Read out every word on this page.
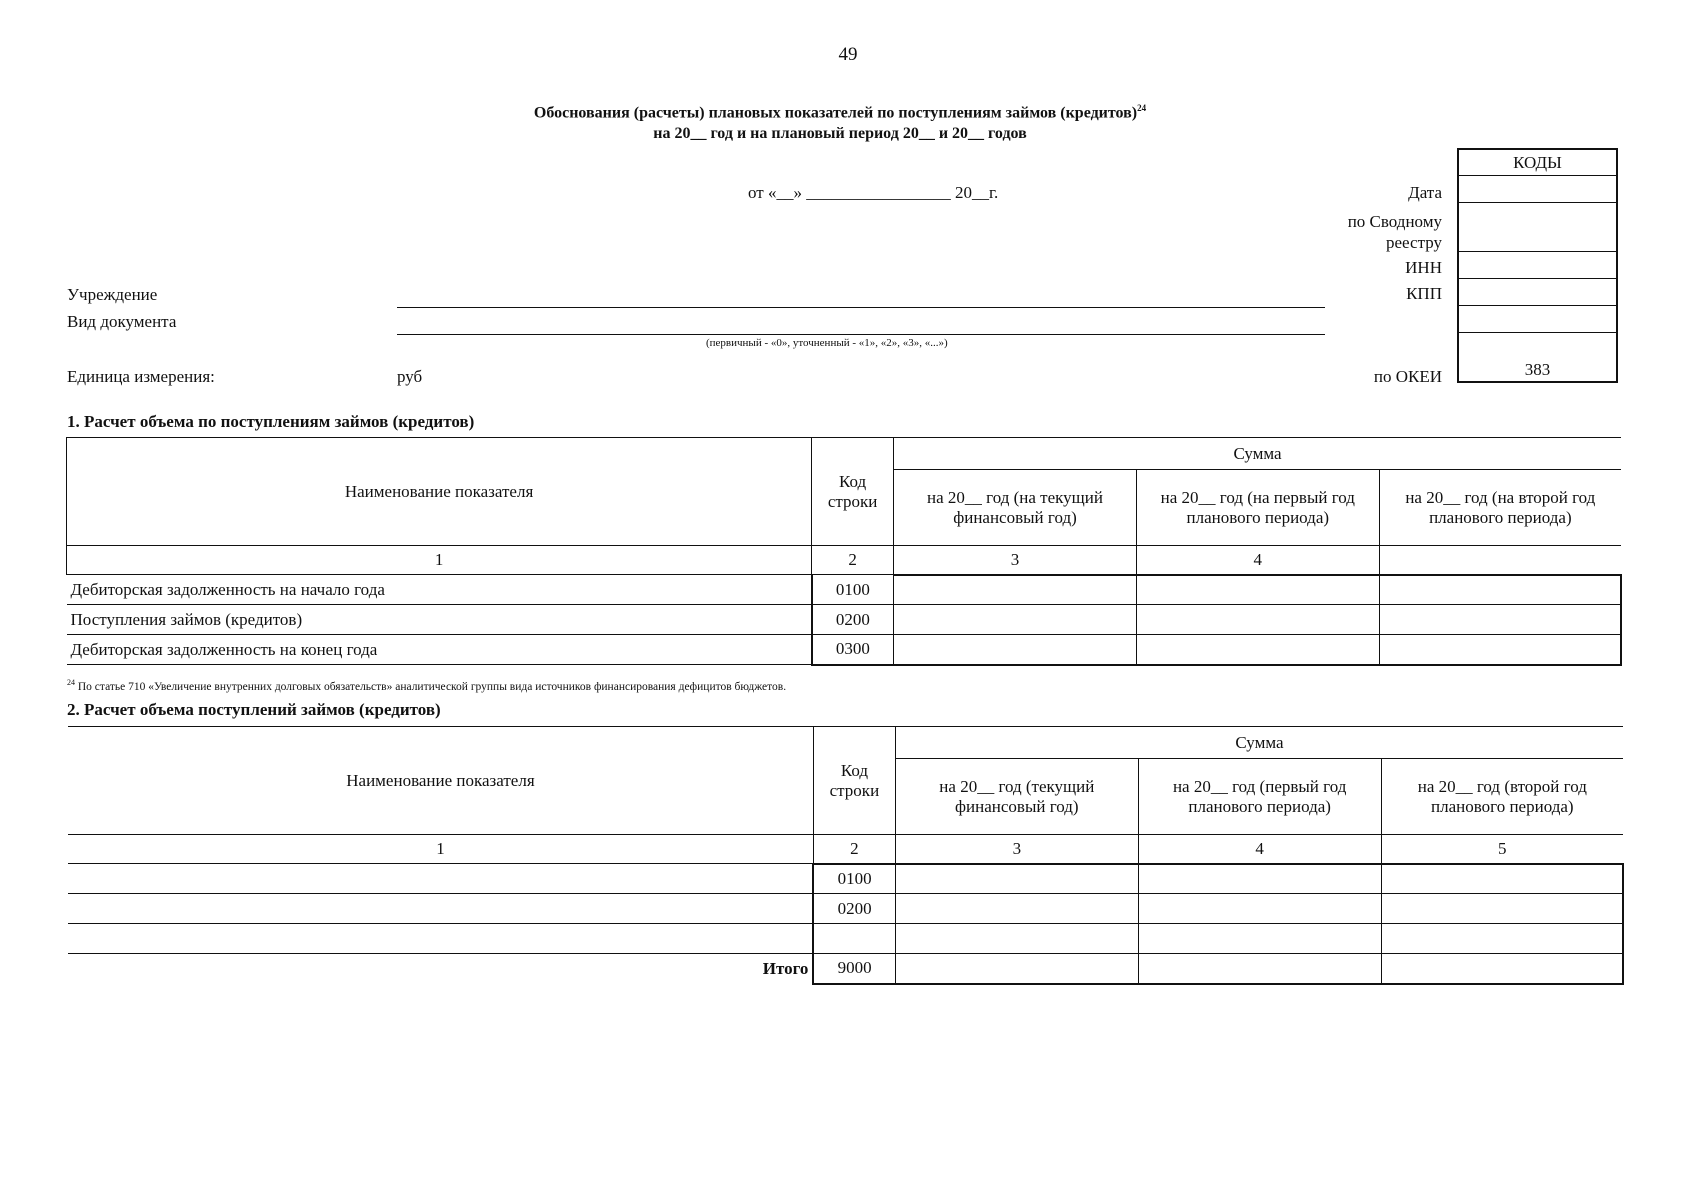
49
Обоснования (расчеты) плановых показателей по поступлениям займов (кредитов)$^{24}$
на 20__ год и на плановый период 20__ и 20__ годов
от «__» _________________ 20__г.	Дата
по Сводному реестру
ИНН
КПП
по ОКЕИ
КОДЫ

383
Учреждение
Вид документа
(первичный - «0», уточненный - «1», «2», «3», «...»)
Единица измерения:	руб
1. Расчет объема по поступлениям займов (кредитов)
Наименование показателя	Код строки	Сумма		
		на 20__ год (на текущий финансовый год)	на 20__ год (на первый год планового периода)	на 20__ год (на второй год планового периода)
1	2	3	4	
Дебиторская задолженность на начало года	0100			
Поступления займов (кредитов)	0200			
Дебиторская задолженность на конец года	0300			
$^{24}$ По статье 710 «Увеличение внутренних долговых обязательств» аналитической группы вида источников финансирования дефицитов бюджетов.
2. Расчет объема поступлений займов (кредитов)
Наименование показателя	Код строки	Сумма		
		на 20__ год (текущий финансовый год)	на 20__ год (первый год планового периода)	на 20__ год (второй год планового периода)
1	2	3	4	5
	0100			
	0200			

Итого	9000			
